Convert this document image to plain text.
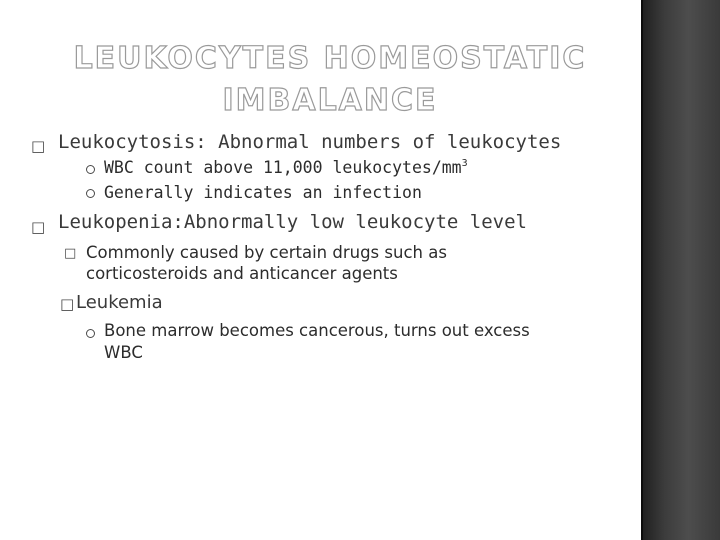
LEUKOCYTES HOMEOSTATIC
IMBALANCE
□ Leukocytosis: Abnormal numbers of leukocytes
WBC count above 11,000 leukocytes/$mm^3$
Generally indicates an infection
□ Leukopenia:Abnormally low leukocyte level
□ Commonly caused by certain drugs such as
corticosteroids and anticancer agents
□ Leukemia
Bone marrow becomes cancerous, turns out excess
WBC
